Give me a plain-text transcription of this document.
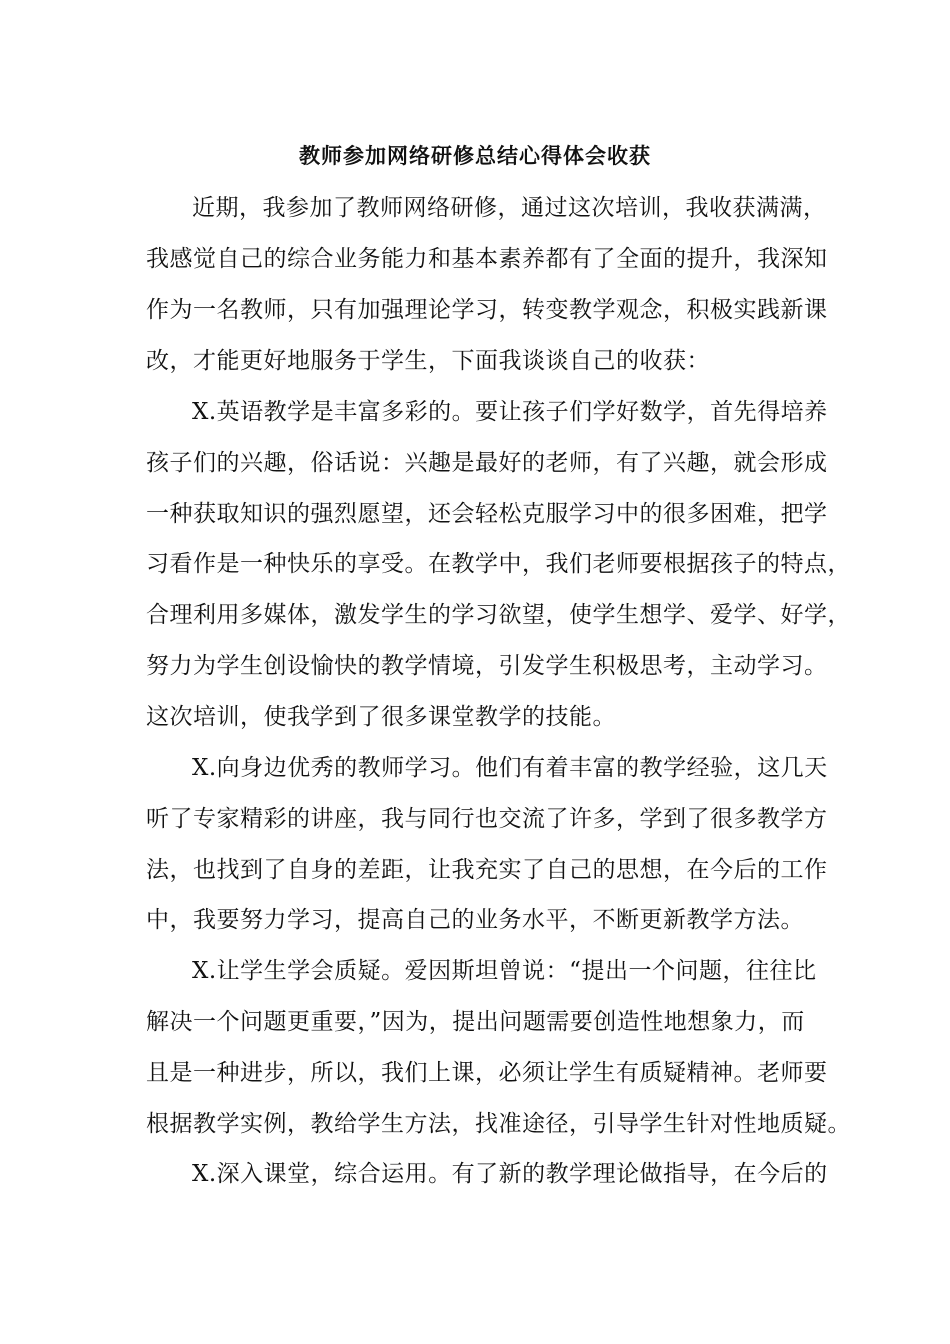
教师参加网络研修总结心得体会收获

近期，我参加了教师网络研修，通过这次培训，我收获满满，

我感觉自己的综合业务能力和基本素养都有了全面的提升，我深知

作为一名教师，只有加强理论学习，转变教学观念，积极实践新课

改，才能更好地服务于学生，下面我谈谈自己的收获：

X.英语教学是丰富多彩的。要让孩子们学好数学，首先得培养

孩子们的兴趣，俗话说：兴趣是最好的老师，有了兴趣，就会形成

一种获取知识的强烈愿望，还会轻松克服学习中的很多困难，把学

习看作是一种快乐的享受。在教学中，我们老师要根据孩子的特点，

合理利用多媒体，激发学生的学习欲望，使学生想学、爱学、好学，

努力为学生创设愉快的教学情境，引发学生积极思考，主动学习。

这次培训，使我学到了很多课堂教学的技能。

X.向身边优秀的教师学习。他们有着丰富的教学经验，这几天

听了专家精彩的讲座，我与同行也交流了许多，学到了很多教学方

法，也找到了自身的差距，让我充实了自己的思想，在今后的工作

中，我要努力学习，提高自己的业务水平，不断更新教学方法。

X.让学生学会质疑。爱因斯坦曾说：“提出一个问题，往往比

解决一个问题更重要，”因为，提出问题需要创造性地想象力，而

且是一种进步，所以，我们上课，必须让学生有质疑精神。老师要

根据教学实例，教给学生方法，找准途径，引导学生针对性地质疑。

X.深入课堂，综合运用。有了新的教学理论做指导，在今后的
